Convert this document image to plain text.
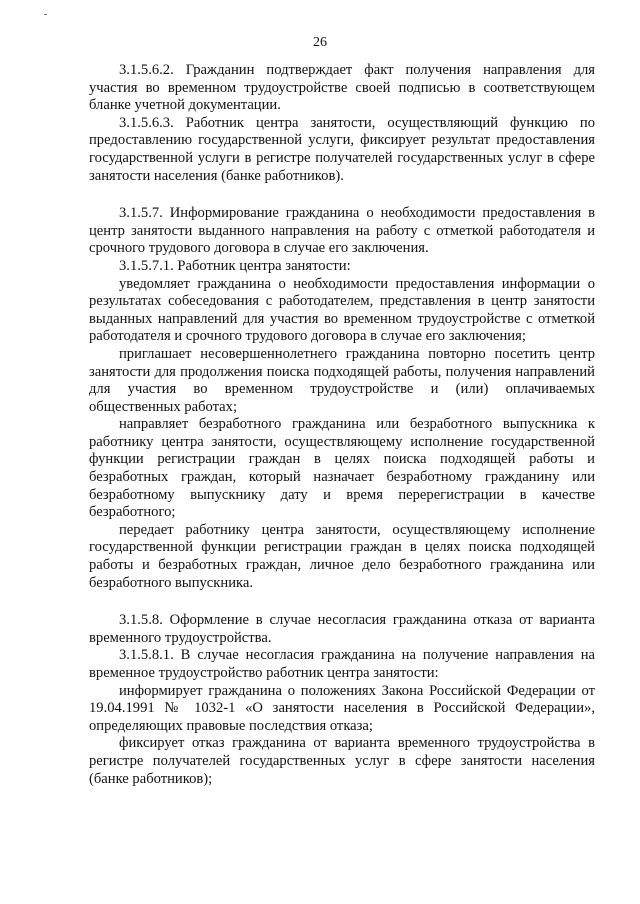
26

3.1.5.6.2. Гражданин подтверждает факт получения направления для участия во временном трудоустройстве своей подписью в соответствующем бланке учетной документации.

3.1.5.6.3. Работник центра занятости, осуществляющий функцию по предоставлению государственной услуги, фиксирует результат предоставления государственной услуги в регистре получателей государственных услуг в сфере занятости населения (банке работников).

3.1.5.7. Информирование гражданина о необходимости предоставления в центр занятости выданного направления на работу с отметкой работодателя и срочного трудового договора в случае его заключения.

3.1.5.7.1. Работник центра занятости:

уведомляет гражданина о необходимости предоставления информации о результатах собеседования с работодателем, представления в центр занятости выданных направлений для участия во временном трудоустройстве с отметкой работодателя и срочного трудового договора в случае его заключения;

приглашает несовершеннолетнего гражданина повторно посетить центр занятости для продолжения поиска подходящей работы, получения направлений для участия во временном трудоустройстве и (или) оплачиваемых общественных работах;

направляет безработного гражданина или безработного выпускника к работнику центра занятости, осуществляющему исполнение государственной функции регистрации граждан в целях поиска подходящей работы и безработных граждан, который назначает безработному гражданину или безработному выпускнику дату и время перерегистрации в качестве безработного;

передает работнику центра занятости, осуществляющему исполнение государственной функции регистрации граждан в целях поиска подходящей работы и безработных граждан, личное дело безработного гражданина или безработного выпускника.

3.1.5.8. Оформление в случае несогласия гражданина отказа от варианта временного трудоустройства.

3.1.5.8.1. В случае несогласия гражданина на получение направления на временное трудоустройство работник центра занятости:

информирует гражданина о положениях Закона Российской Федерации от 19.04.1991 № 1032-1 «О занятости населения в Российской Федерации», определяющих правовые последствия отказа;

фиксирует отказ гражданина от варианта временного трудоустройства в регистре получателей государственных услуг в сфере занятости населения (банке работников);
